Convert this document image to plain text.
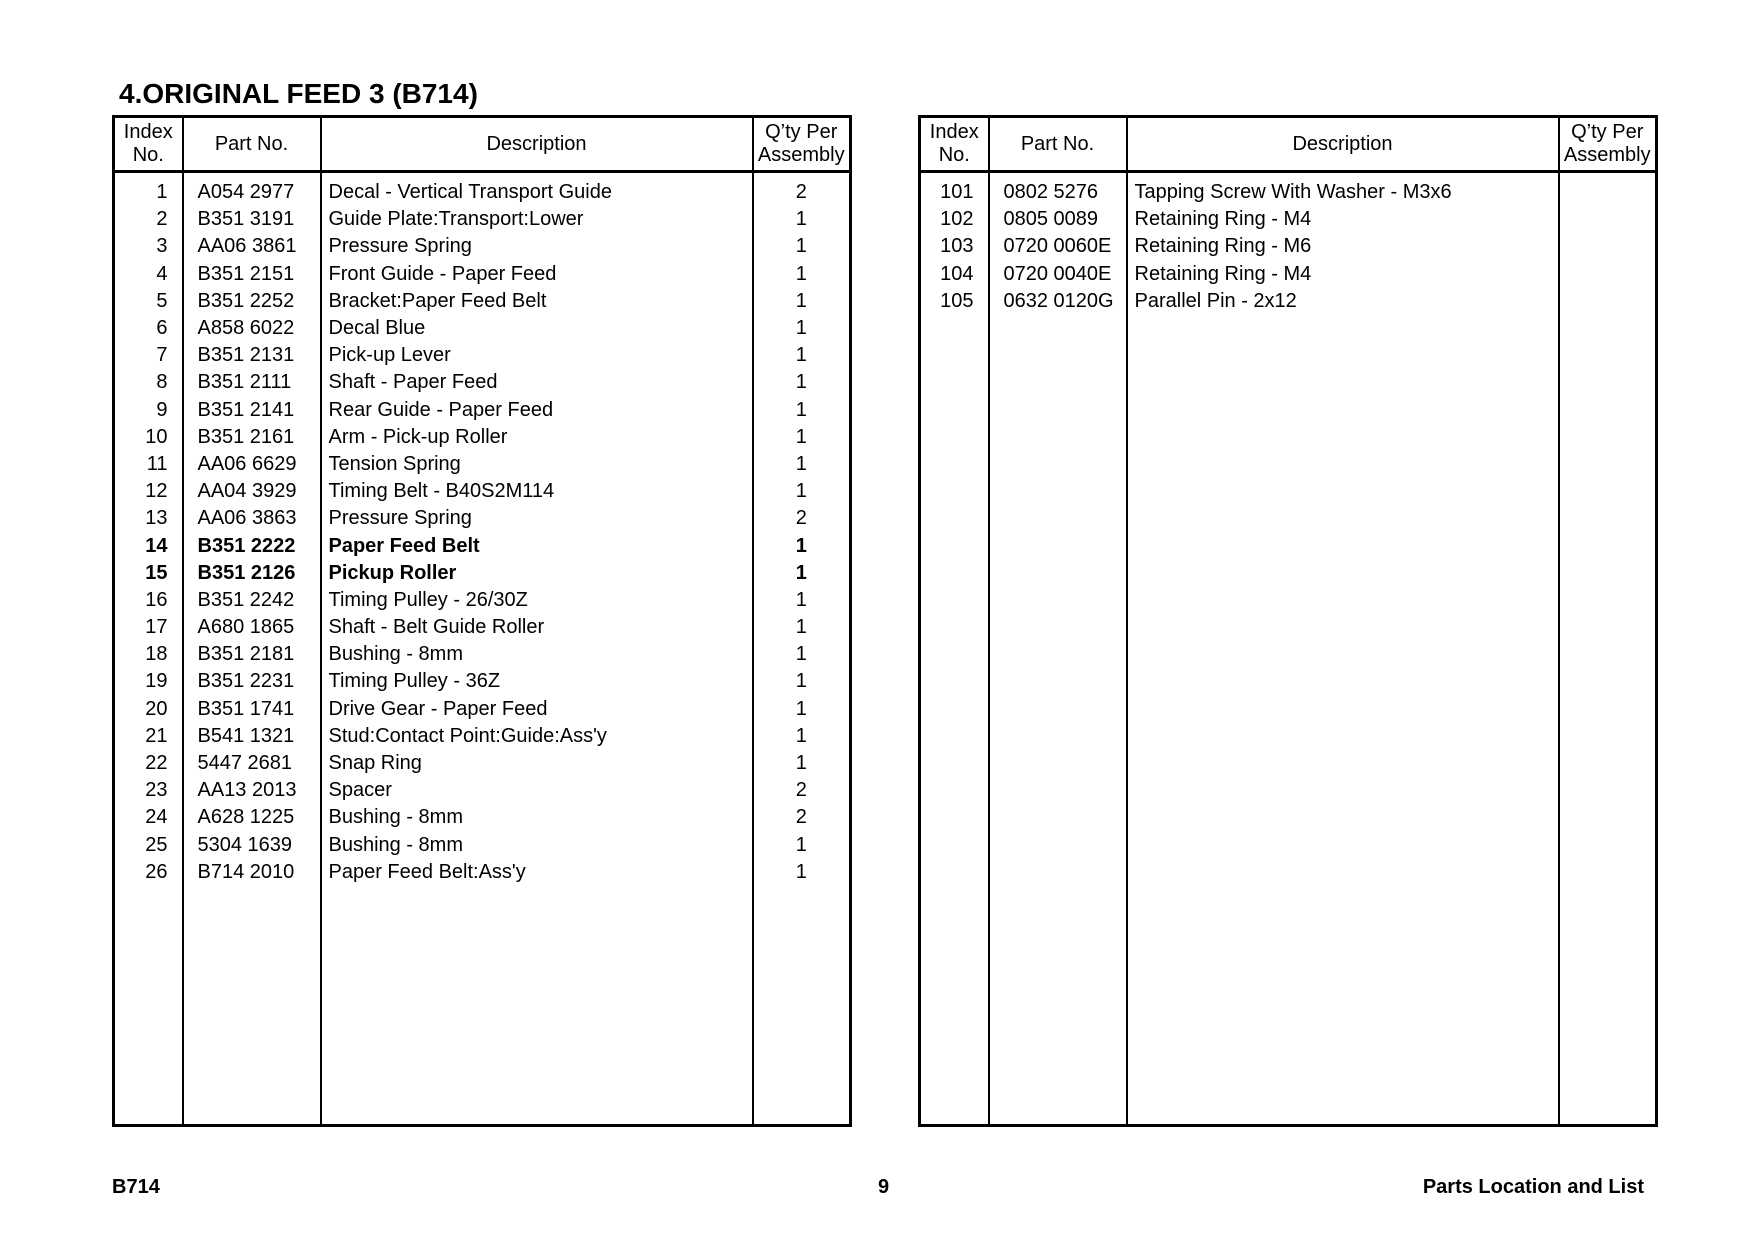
4.ORIGINAL FEED 3 (B714)
Index
No.	Part No.	Description	Q’ty Per
Assembly
1	A054 2977	Decal - Vertical Transport Guide	2
2	B351 3191	Guide Plate:Transport:Lower	1
3	AA06 3861	Pressure Spring	1
4	B351 2151	Front Guide - Paper Feed	1
5	B351 2252	Bracket:Paper Feed Belt	1
6	A858 6022	Decal Blue	1
7	B351 2131	Pick-up Lever	1
8	B351 2111	Shaft - Paper Feed	1
9	B351 2141	Rear Guide - Paper Feed	1
10	B351 2161	Arm - Pick-up Roller	1
11	AA06 6629	Tension Spring	1
12	AA04 3929	Timing Belt - B40S2M114	1
13	AA06 3863	Pressure Spring	2
14	B351 2222	Paper Feed Belt	1
15	B351 2126	Pickup Roller	1
16	B351 2242	Timing Pulley - 26/30Z	1
17	A680 1865	Shaft - Belt Guide Roller	1
18	B351 2181	Bushing - 8mm	1
19	B351 2231	Timing Pulley - 36Z	1
20	B351 1741	Drive Gear - Paper Feed	1
21	B541 1321	Stud:Contact Point:Guide:Ass'y	1
22	5447 2681	Snap Ring	1
23	AA13 2013	Spacer	2
24	A628 1225	Bushing - 8mm	2
25	5304 1639	Bushing - 8mm	1
26	B714 2010	Paper Feed Belt:Ass'y	1

Index
No.	Part No.	Description	Q’ty Per
Assembly
101	0802 5276	Tapping Screw With Washer - M3x6	
102	0805 0089	Retaining Ring - M4	
103	0720 0060E	Retaining Ring - M6	
104	0720 0040E	Retaining Ring - M4	
105	0632 0120G	Parallel Pin - 2x12	

B714	9	Parts Location and List
